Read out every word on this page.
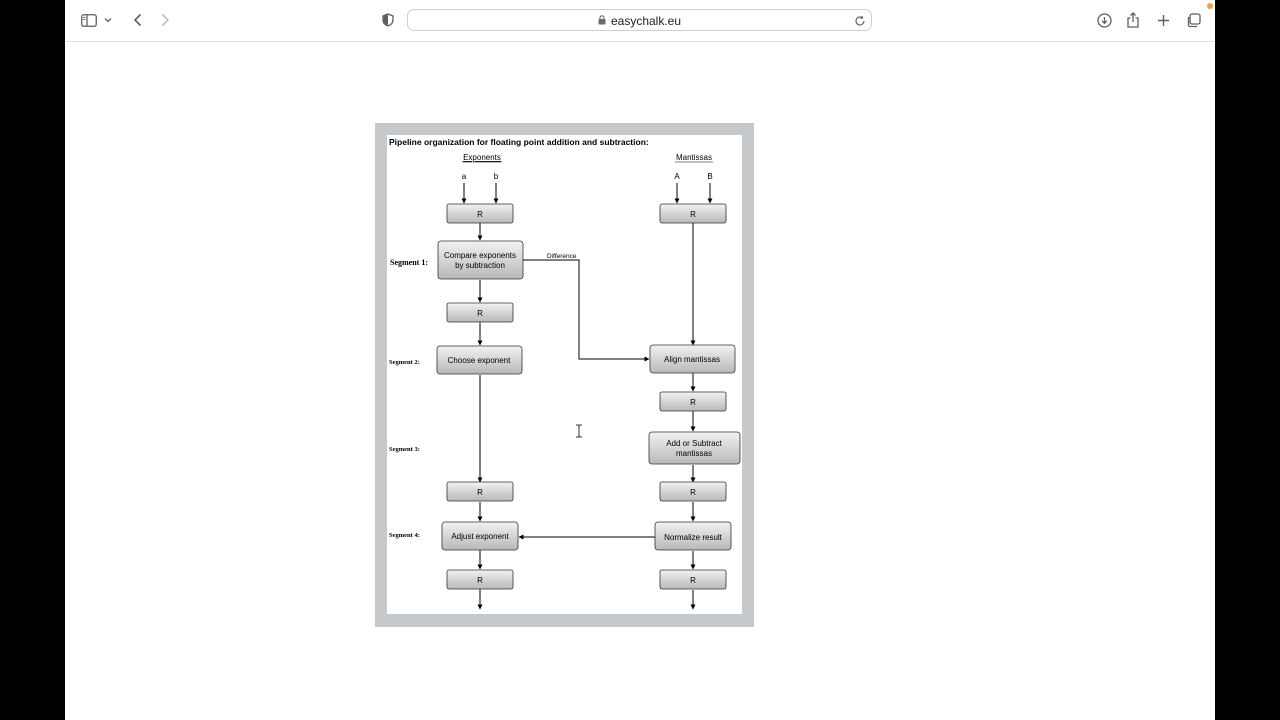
easychalk.eu
Pipeline organization for floating point addition and subtraction:
Exponents	Mantissas
a	b	A	B
Segment 1:
Segment 2:
Segment 3:
Segment 4:
Difference
R	R
R
R
R	R
R	R
Compare exponents
by subtraction
Choose exponent	Align mantissas
Add or Subtract
mantissas
Adjust exponent	Normalize result
